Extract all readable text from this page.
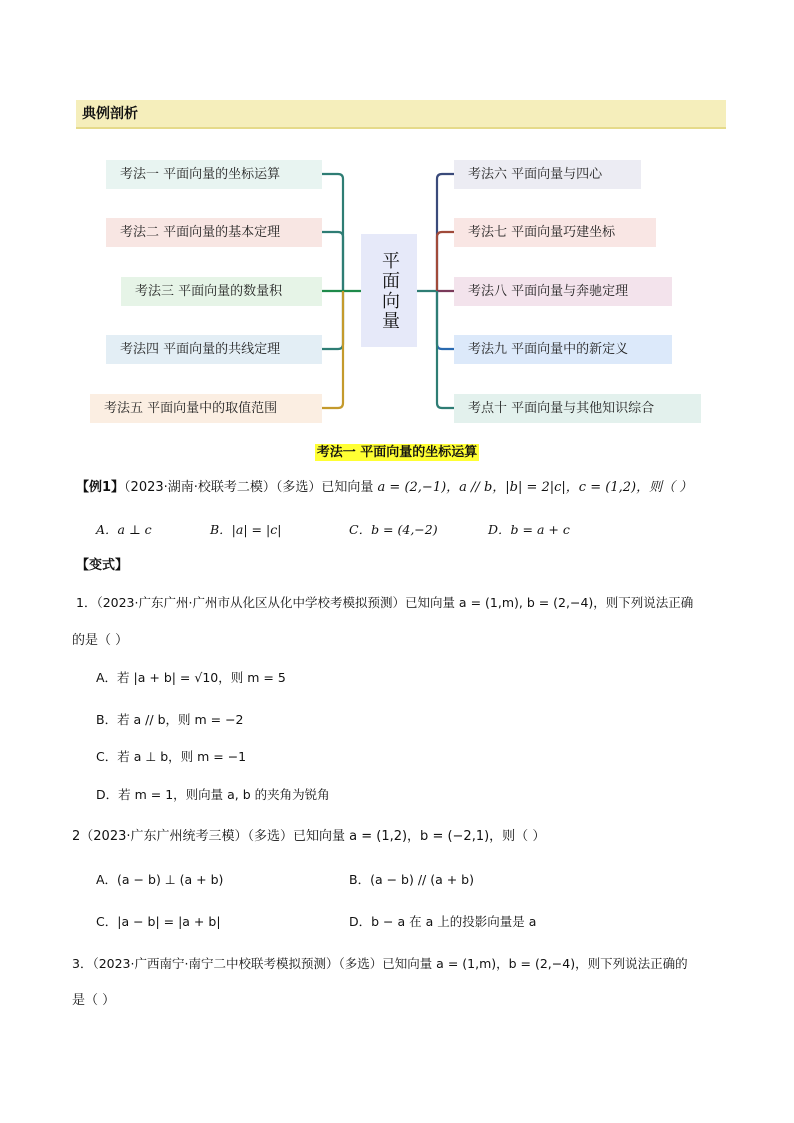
典例剖析
考法一 平面向量的坐标运算
考法二 平面向量的基本定理
考法三 平面向量的数量积
考法四 平面向量的共线定理
考法五 平面向量中的取值范围
平面向量
考法六 平面向量与四心
考法七 平面向量巧建坐标
考法八 平面向量与奔驰定理
考法九 平面向量中的新定义
考点十 平面向量与其他知识综合
考法一 平面向量的坐标运算
【例1】（2023·湖南·校联考二模）（多选）已知向量 a = (2,−1)，a // b，|b| = 2|c|，c = (1,2)，则（ ）
A．a ⊥ c	B．|a| = |c|	C．b = (4,−2)	D．b = a + c
【变式】
1．（2023·广东广州·广州市从化区从化中学校考模拟预测）已知向量 a = (1,m), b = (2,−4)，则下列说法正确
的是（ ）
A．若 |a + b| = √10，则 m = 5
B．若 a // b，则 m = −2
C．若 a ⊥ b，则 m = −1
D．若 m = 1，则向量 a, b 的夹角为锐角
2（2023·广东广州统考三模）（多选）已知向量 a = (1,2)，b = (−2,1)，则（ ）
A．(a − b) ⊥ (a + b)	B．(a − b) // (a + b)
C．|a − b| = |a + b|	D．b − a 在 a 上的投影向量是 a
3．（2023·广西南宁·南宁二中校联考模拟预测）（多选）已知向量 a = (1,m)，b = (2,−4)，则下列说法正确的
是（ ）
